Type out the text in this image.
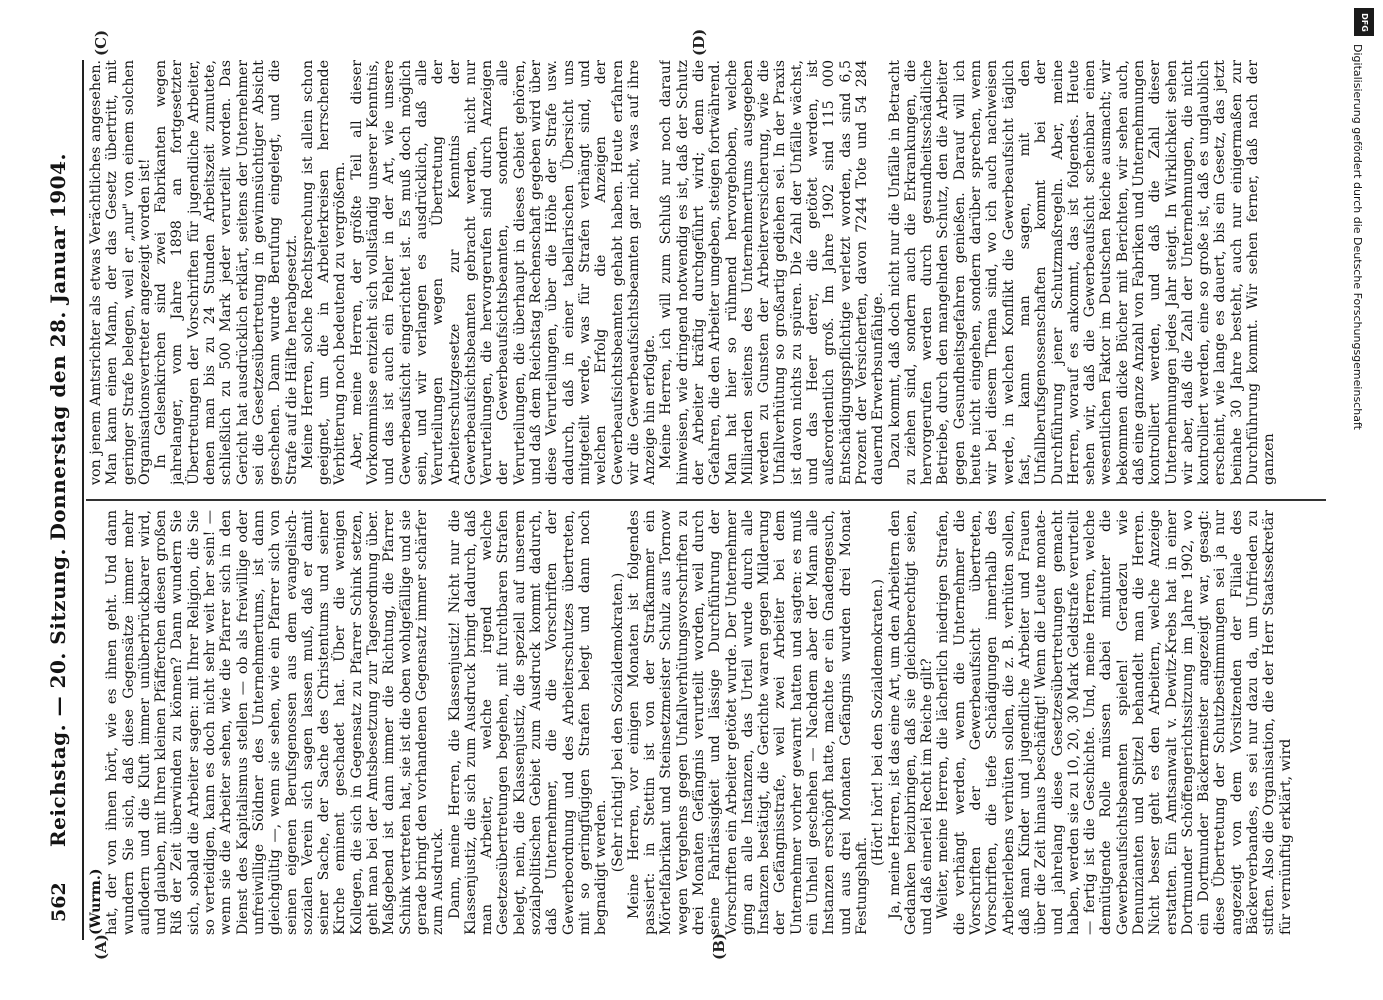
562
Reichstag. — 20. Sitzung. Donnerstag den 28. Januar 1904.
(A)	(B)
(C)	(D)

(Wurm.) hat, der von ihnen hört, wie es ihnen geht. Und dann wundern Sie sich, daß diese Gegensätze immer mehr auflodern und die Kluft immer unüberbrückbarer wird, und glauben, mit Ihren kleinen Pfäfferchen diesen großen Riß der Zeit überwinden zu können? Dann wundern Sie sich, sobald die Arbeiter sagen: mit Ihrer Religion, die Sie so verteidigen, kann es doch nicht sehr weit her sein! — wenn sie die Arbeiter sehen, wie die Pfarrer sich in den Dienst des Kapitalismus stellen — ob als freiwillige oder unfreiwillige Söldner des Unternehmertums, ist dann gleichgültig —, wenn sie sehen, wie ein Pfarrer sich von seinen eigenen Berufsgenossen aus dem evangelisch-sozialen Verein sich sagen lassen muß, daß er damit seiner Sache, der Sache des Christentums und seiner Kirche eminent geschadet hat. Über die wenigen Kollegen, die sich in Gegensatz zu Pfarrer Schink setzen, geht man bei der Amtsbesetzung zur Tagesordnung über. Maßgebend ist dann immer die Richtung, die Pfarrer Schink vertreten hat, sie ist die oben wohlgefällige und sie gerade bringt den vorhandenen Gegensatz immer schärfer zum Ausdruck. Dann, meine Herren, die Klassenjustiz! Nicht nur die Klassenjustiz, die sich zum Ausdruck bringt dadurch, daß man Arbeiter, welche irgend welche Gesetzesübertretungen begehen, mit furchtbaren Strafen belegt, nein, die Klassenjustiz, die speziell auf unserem sozialpolitischen Gebiet zum Ausdruck kommt dadurch, daß Unternehmer, die die Vorschriften der Gewerbeordnung und des Arbeiterschutzes übertreten, mit so geringfügigen Strafen belegt und dann noch begnadigt werden. (Sehr richtig! bei den Sozialdemokraten.) Meine Herren, vor einigen Monaten ist folgendes passiert: in Stettin ist von der Strafkammer ein Mörtelfabrikant und Steinsetzmeister Schulz aus Tornow wegen Vergehens gegen Unfallverhütungsvorschriften zu drei Monaten Gefängnis verurteilt worden, weil durch seine Fahrlässigkeit und lässige Durchführung der Vorschriften ein Arbeiter getötet wurde. Der Unternehmer ging an alle Instanzen, das Urteil wurde durch alle Instanzen bestätigt, die Gerichte waren gegen Milderung der Gefängnisstrafe, weil zwei Arbeiter bei dem Unternehmer vorher gewarnt hatten und sagten: es muß ein Unheil geschehen — Nachdem aber der Mann alle Instanzen erschöpft hatte, machte er ein Gnadengesuch, und aus drei Monaten Gefängnis wurden drei Monat Festungshaft.

(Hört! hört! bei den Sozialdemokraten.) Ja, meine Herren, ist das eine Art, um den Arbeitern den Gedanken beizubringen, daß sie gleichberechtigt seien, und daß einerlei Recht im Reiche gilt? Weiter, meine Herren, die lächerlich niedrigen Strafen, die verhängt werden, wenn die Unternehmer die Vorschriften der Gewerbeaufsicht übertreten, Vorschriften, die tiefe Schädigungen innerhalb des Arbeiterlebens verhüten sollen, die z. B. verhüten sollen, daß man Kinder und jugendliche Arbeiter und Frauen über die Zeit hinaus beschäftigt! Wenn die Leute monate- und jahrelang diese Gesetzesübertretungen gemacht haben, werden sie zu 10, 20, 30 Mark Geldstrafe verurteilt — fertig ist die Geschichte. Und, meine Herren, welche demütigende Rolle müssen dabei mitunter die Gewerbeaufsichtsbeamten spielen! Geradezu wie Denunzianten und Spitzel behandelt man die Herren. Nicht besser geht es den Arbeitern, welche Anzeige erstatten. Ein Amtsanwalt v. Dewitz-Krebs hat in einer Dortmunder Schöffengerichtssitzung im Jahre 1902, wo ein Dortmunder Bäckermeister angezeigt war, gesagt: diese Übertretung der Schutzbestimmungen sei ja nur angezeigt von dem Vorsitzenden der Filiale des Bäckerverbandes, es sei nur dazu da, um Unfrieden zu stiften. Also die Organisation, die der Herr Staatssekretär für vernünftig erklärt, wird

von jenem Amtsrichter als etwas Verächtliches angesehen. Man kann einen Mann, der das Gesetz übertritt, mit geringer Strafe belegen, weil er „nur" von einem solchen Organisationsvertreter angezeigt worden ist! In Gelsenkirchen sind zwei Fabrikanten wegen jahrelanger, vom Jahre 1898 an fortgesetzter Übertretungen der Vorschriften für jugendliche Arbeiter, denen man bis zu 24 Stunden Arbeitszeit zumutete, schließlich zu 500 Mark jeder verurteilt worden. Das Gericht hat ausdrücklich erklärt, seitens der Unternehmer sei die Gesetzesübertretung in gewinnsüchtiger Absicht geschehen. Dann wurde Berufung eingelegt, und die Strafe auf die Hälfte herabgesetzt. Meine Herren, solche Rechtsprechung ist allein schon geeignet, um die in Arbeiterkreisen herrschende Verbitterung noch bedeutend zu vergrößern. Aber, meine Herren, der größte Teil all dieser Vorkommnisse entzieht sich vollständig unserer Kenntnis, und das ist auch ein Fehler in der Art, wie unsere Gewerbeaufsicht eingerichtet ist. Es muß doch möglich sein, und wir verlangen es ausdrücklich, daß alle Verurteilungen wegen Übertretung der Arbeiterschutzgesetze zur Kenntnis der Gewerbeaufsichtsbeamten gebracht werden, nicht nur Verurteilungen, die hervorgerufen sind durch Anzeigen der Gewerbeaufsichtsbeamten, sondern alle Verurteilungen, die überhaupt in dieses Gebiet gehören, und daß dem Reichstag Rechenschaft gegeben wird über diese Verurteilungen, über die Höhe der Strafe usw. dadurch, daß in einer tabellarischen Übersicht uns mitgeteilt werde, was für Strafen verhängt sind, und welchen Erfolg die Anzeigen der Gewerbeaufsichtsbeamten gehabt haben. Heute erfahren wir die Gewerbeaufsichtsbeamten gar nicht, was auf ihre Anzeige hin erfolgte. Meine Herren, ich will zum Schluß nur noch darauf hinweisen, wie dringend notwendig es ist, daß der Schutz der Arbeiter kräftig durchgeführt wird; denn die Gefahren, die den Arbeiter umgeben, steigen fortwährend. Man hat hier so rühmend hervorgehoben, welche Milliarden seitens des Unternehmertums ausgegeben werden zu Gunsten der Arbeiterversicherung, wie die Unfallverhütung so großartig gediehen sei. In der Praxis ist davon nichts zu spüren. Die Zahl der Unfälle wächst, und das Heer derer, die getötet werden, ist außerordentlich groß. Im Jahre 1902 sind 115 000 Entschädigungspflichtige verletzt worden, das sind 6,5 Prozent der Versicherten, davon 7244 Tote und 54 284 dauernd Erwerbsunfähige. Dazu kommt, daß doch nicht nur die Unfälle in Betracht zu ziehen sind, sondern auch die Erkrankungen, die hervorgerufen werden durch gesundheitsschädliche Betriebe, durch den mangelnden Schutz, den die Arbeiter gegen Gesundheitsgefahren genießen. Darauf will ich heute nicht eingehen, sondern darüber sprechen, wenn wir bei diesem Thema sind, wo ich auch nachweisen werde, in welchen Konflikt die Gewerbeaufsicht täglich fast, kann man sagen, mit den Unfallberufsgenossenschaften kommt bei der Durchführung jener Schutzmaßregeln. Aber, meine Herren, worauf es ankommt, das ist folgendes. Heute sehen wir, daß die Gewerbeaufsicht scheinbar einen wesentlichen Faktor im Deutschen Reiche ausmacht; wir bekommen dicke Bücher mit Berichten, wir sehen auch, daß eine ganze Anzahl von Fabriken und Unternehmungen kontrolliert werden, und daß die Zahl dieser Unternehmungen jedes Jahr steigt. In Wirklichkeit sehen wir aber, daß die Zahl der Unternehmungen, die nicht kontrolliert werden, eine so große ist, daß es unglaublich erscheint, wie lange es dauert, bis ein Gesetz, das jetzt beinahe 30 Jahre besteht, auch nur einigermaßen zur Durchführung kommt. Wir sehen ferner, daß nach der ganzen

DFG
Digitalisierung gefördert durch die Deutsche Forschungsgemeinschaft
